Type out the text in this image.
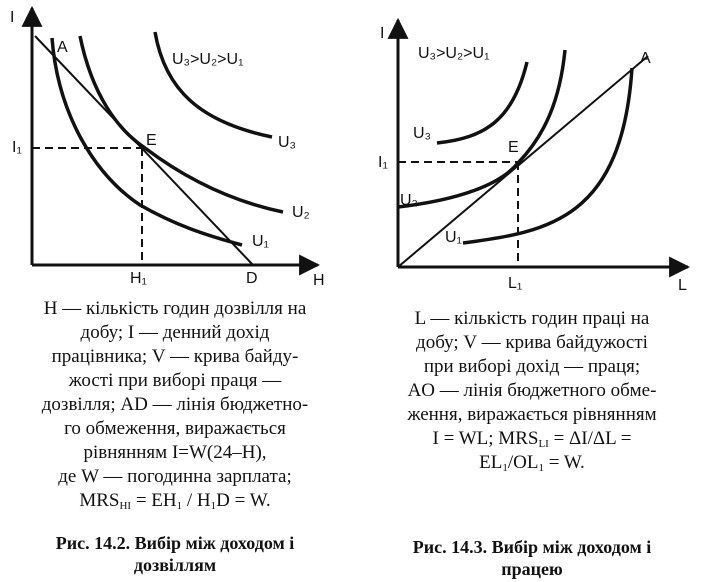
I
H
A
E
D
I₁
H₁
U₁
U₂
U₃
U₃>U₂>U₁
I
L
A
E
I₁
L₁
U₁
U₂
U₃
U₃>U₂>U₁
H — кількість годин дозвілля на
добу; I — денний дохід
працівника; V — крива байду-
жості при виборі праця —
дозвілля; AD — лінія бюджетно-
го обмеження, виражається
рівнянням I=W(24–H),
де W — погодинна зарплата;
$MRS_{HI} = EH_1 / H_1D = W$.
Рис. 14.2. Вибір між доходом і
дозвіллям
L — кількість годин праці на
добу; V — крива байдужості
при виборі дохід — праця;
AO — лінія бюджетного обме-
ження, виражається рівнянням
I = WL; $MRS_{LI} = \Delta I/\Delta L$ =
$EL_1/OL_1 = W$.
Рис. 14.3. Вибір між доходом і
працею
